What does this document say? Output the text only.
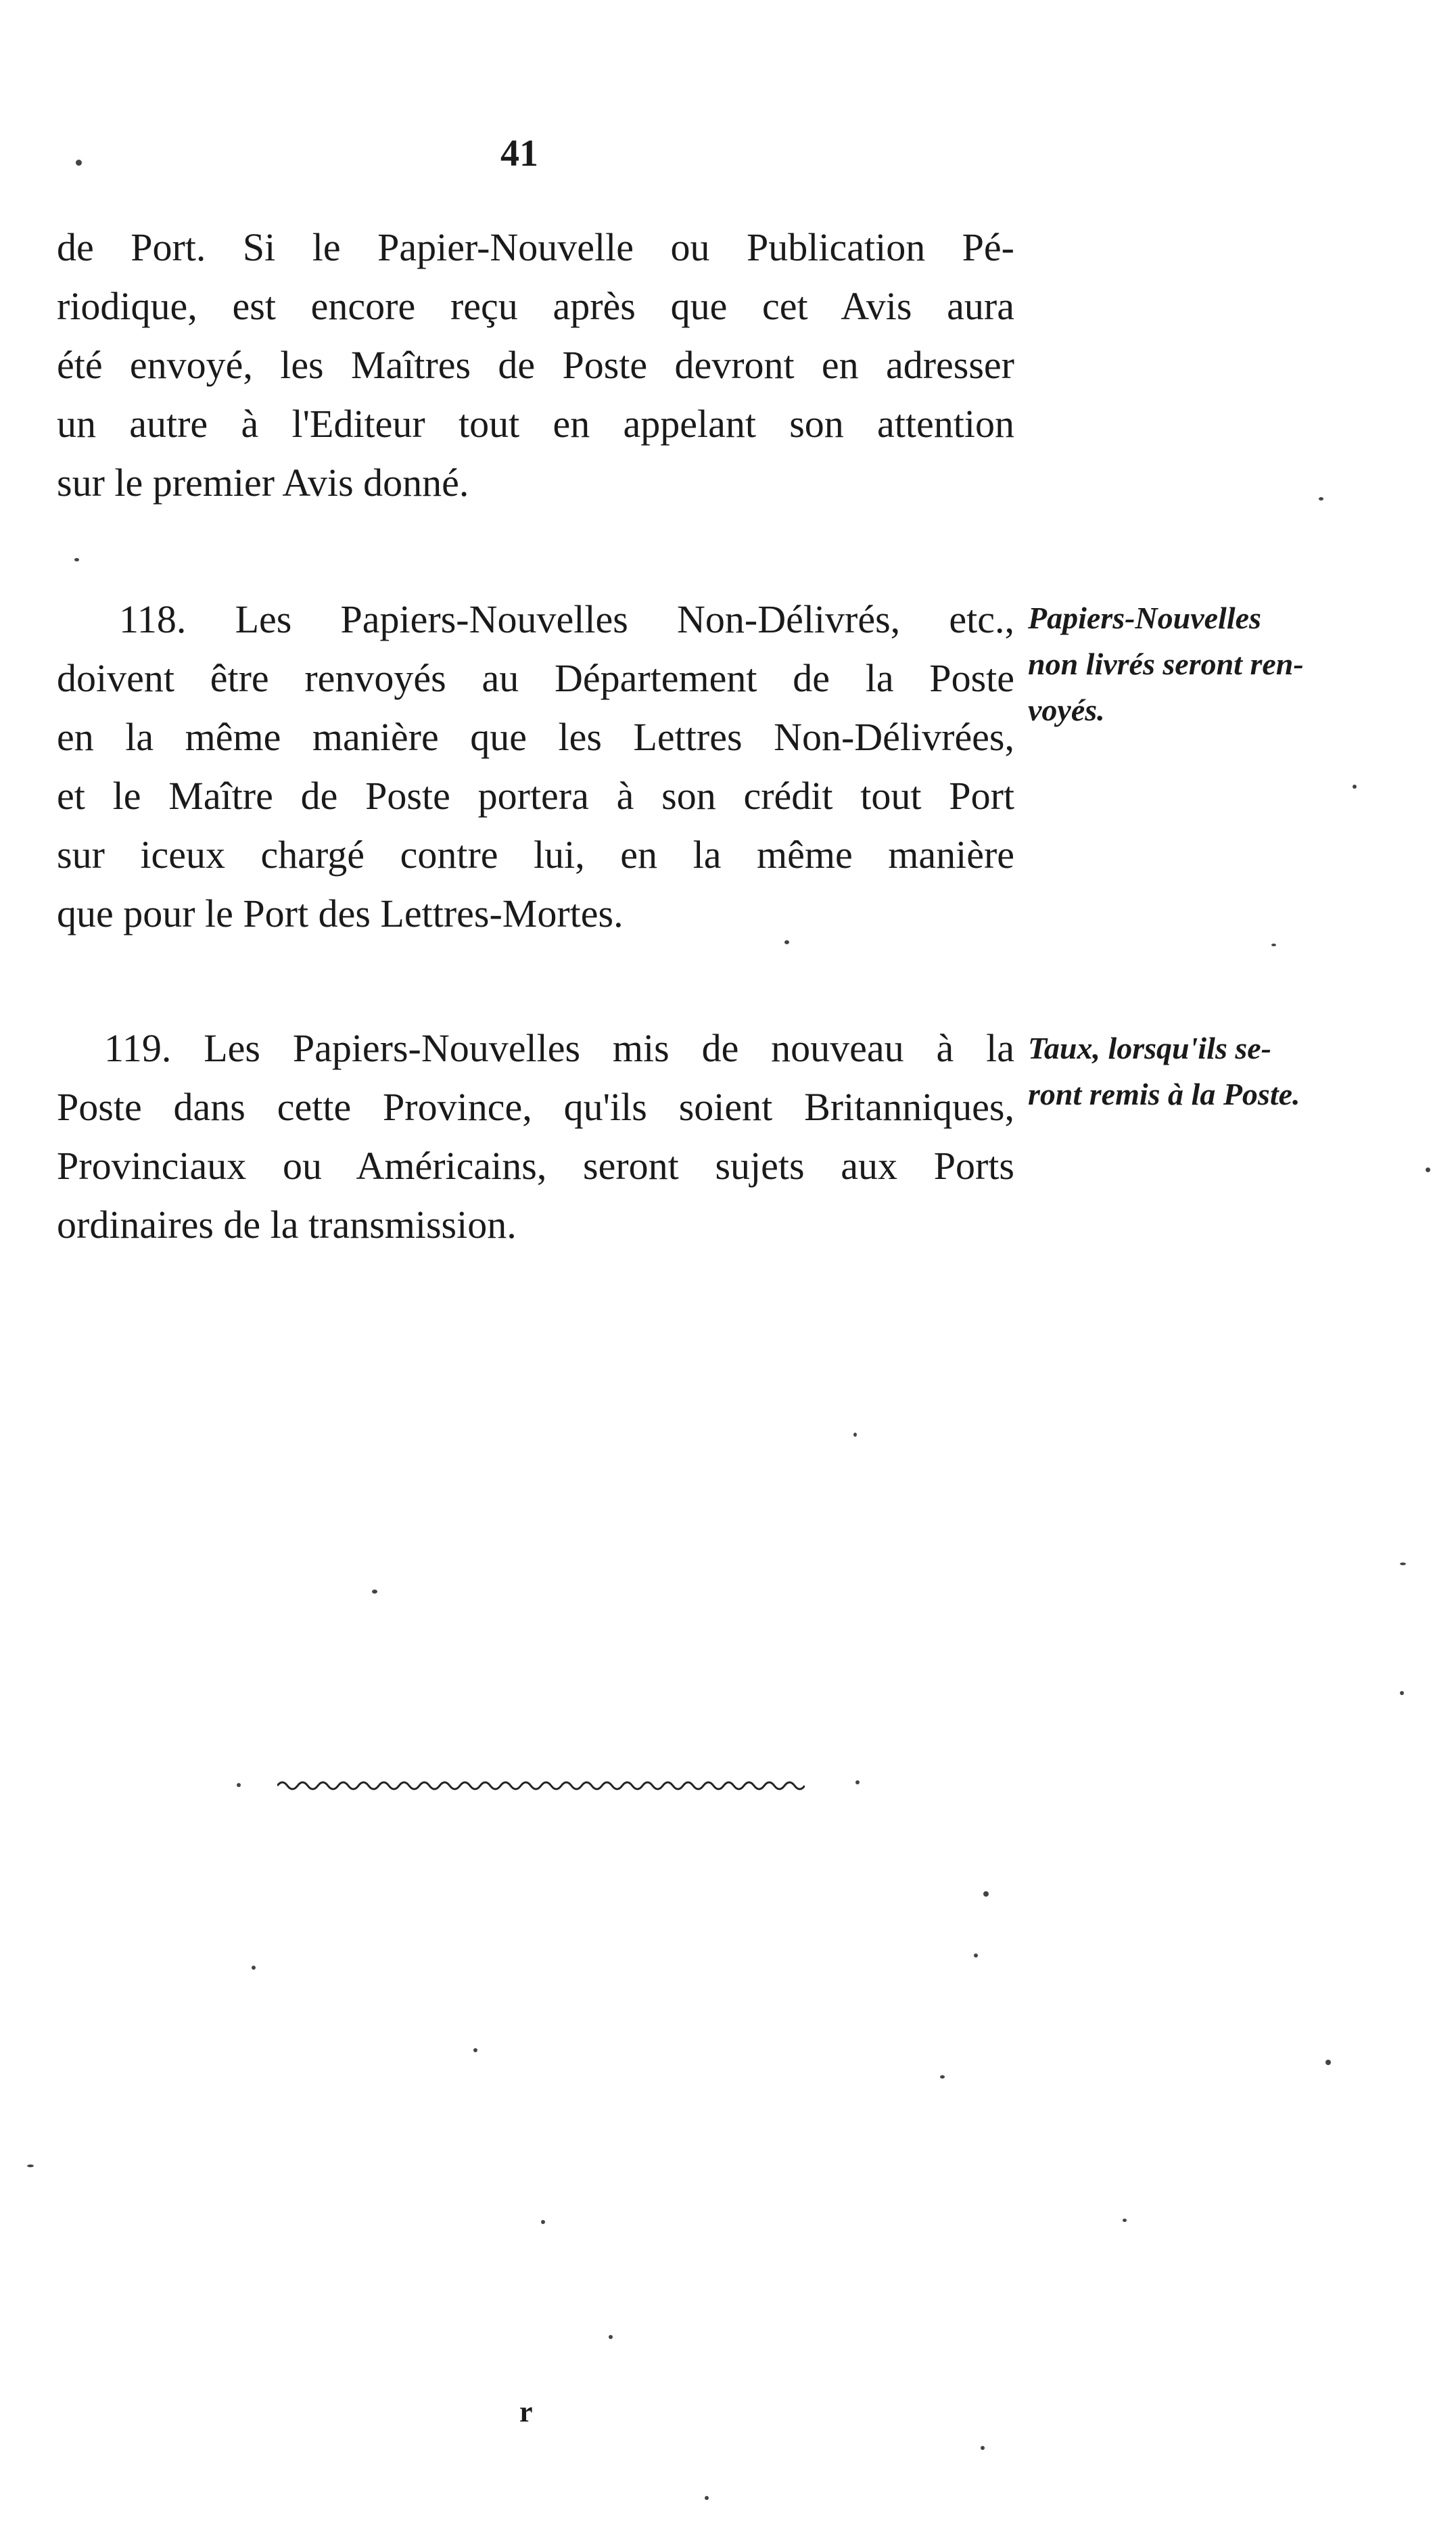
41

de Port. Si le Papier-Nouvelle ou Publication Pé-
riodique, est encore reçu après que cet Avis aura
été envoyé, les Maîtres de Poste devront en adresser
un autre à l'Editeur tout en appelant son attention
sur le premier Avis donné.

118. Les Papiers-Nouvelles Non-Délivrés, etc.,
doivent être renvoyés au Département de la Poste
en la même manière que les Lettres Non-Délivrées,
et le Maître de Poste portera à son crédit tout Port
sur iceux chargé contre lui, en la même manière
que pour le Port des Lettres-Mortes.

Papiers-Nouvelles
non livrés seront ren-
voyés.

119. Les Papiers-Nouvelles mis de nouveau à la
Poste dans cette Province, qu'ils soient Britanniques,
Provinciaux ou Américains, seront sujets aux Ports
ordinaires de la transmission.

Taux, lorsqu'ils se-
ront remis à la Poste.

r
